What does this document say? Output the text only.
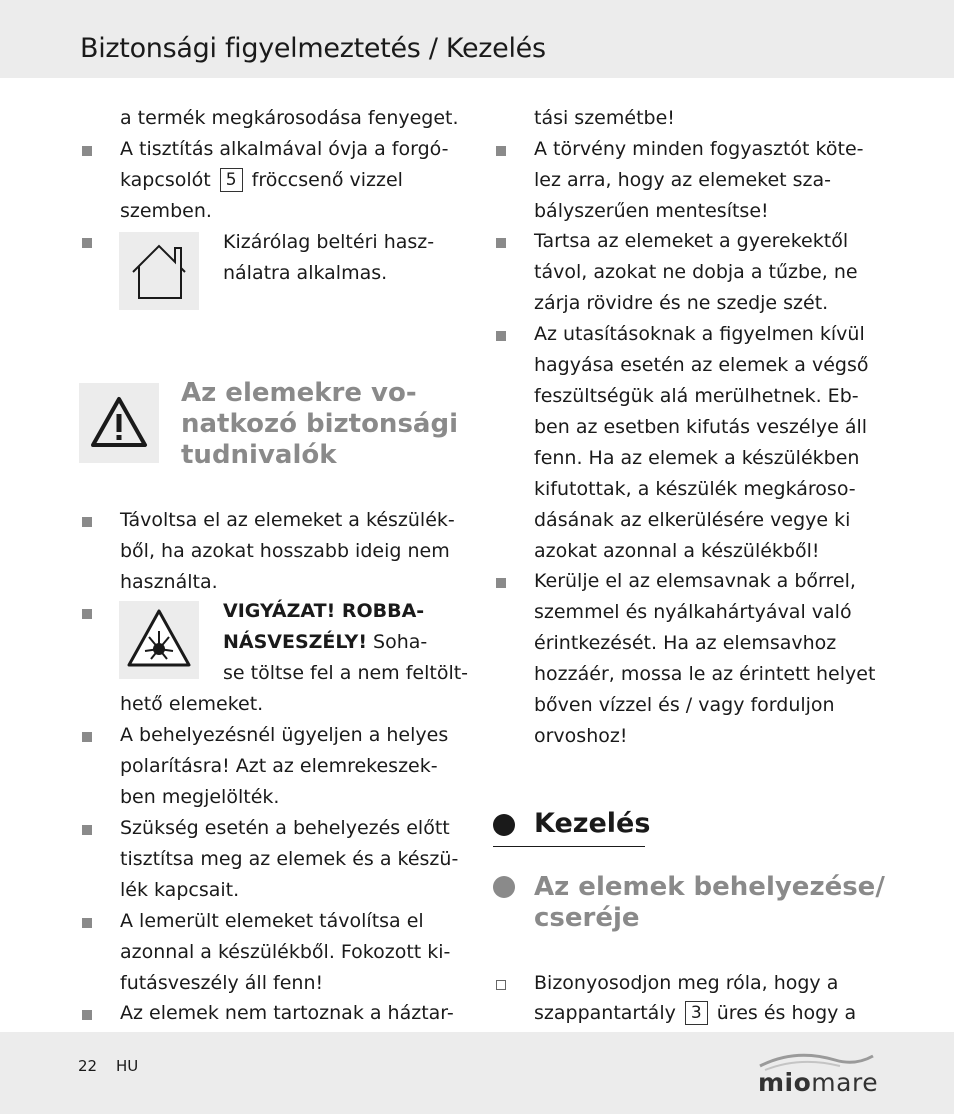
Biztonsági figyelmeztetés / Kezelés
a termék megkárosodása fenyeget.
A tisztítás alkalmával óvja a forgó-
kapcsolót 5 fröccsenő vizzel
szemben.
Kizárólag beltéri hasz-
nálatra alkalmas.
Az elemekre vo-
natkozó biztonsági
tudnivalók
Távoltsa el az elemeket a készülék-
ből, ha azokat hosszabb ideig nem
használta.
VIGYÁZAT! ROBBA-
NÁSVESZÉLY! Soha-
se töltse fel a nem feltölt-
hető elemeket.
A behelyezésnél ügyeljen a helyes
polarításra! Azt az elemrekeszek-
ben megjelölték.
Szükség esetén a behelyezés előtt
tisztítsa meg az elemek és a készü-
lék kapcsait.
A lemerült elemeket távolítsa el
azonnal a készülékből. Fokozott ki-
futásveszély áll fenn!
Az elemek nem tartoznak a háztar-
tási szemétbe!
A törvény minden fogyasztót köte-
lez arra, hogy az elemeket sza-
bályszerűen mentesítse!
Tartsa az elemeket a gyerekektől
távol, azokat ne dobja a tűzbe, ne
zárja rövidre és ne szedje szét.
Az utasításoknak a figyelmen kívül
hagyása esetén az elemek a végső
feszültségük alá merülhetnek. Eb-
ben az esetben kifutás veszélye áll
fenn. Ha az elemek a készülékben
kifutottak, a készülék megkároso-
dásának az elkerülésére vegye ki
azokat azonnal a készülékből!
Kerülje el az elemsavnak a bőrrel,
szemmel és nyálkahártyával való
érintkezését. Ha az elemsavhoz
hozzáér, mossa le az érintett helyet
bőven vízzel és / vagy forduljon
orvoshoz!
Kezelés
Az elemek behelyezése/
cseréje
Bizonyosodjon meg róla, hogy a
szappantartály 3 üres és hogy a
22 HU
miomare
